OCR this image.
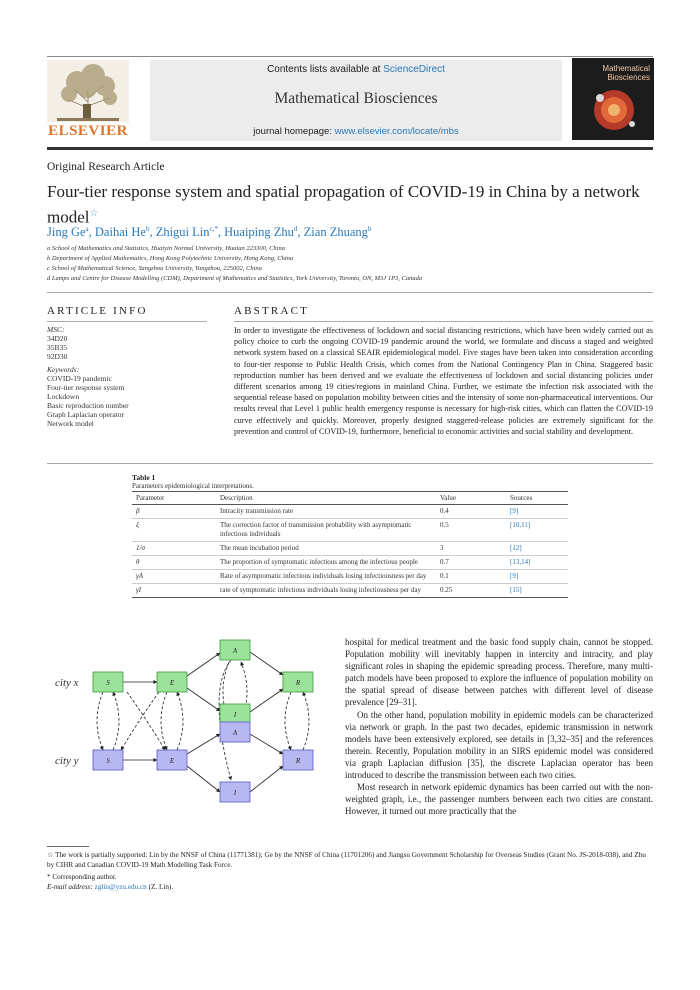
ELSEVIER
Contents lists available at ScienceDirect
Mathematical Biosciences
journal homepage: www.elsevier.com/locate/mbs
Mathematical Biosciences
Original Research Article
Four-tier response system and spatial propagation of COVID-19 in China by a network model☆
Jing Ge$^a$, Daihai He$^b$, Zhigui Lin$^{c,*}$, Huaiping Zhu$^d$, Zian Zhuang$^b$
a School of Mathematics and Statistics, Huaiyin Normal University, Huaian 223300, China
b Department of Applied Mathematics, Hong Kong Polytechnic University, Hong Kong, China
c School of Mathematical Science, Yangzhou University, Yangzhou, 225002, China
d Lamps and Centre for Disease Modelling (CDM), Department of Mathematics and Statistics, York University, Toronto, ON, M3J 1P3, Canada
ARTICLE INFO
MSC:
34D20
35B35
92D30
Keywords:
COVID-19 pandemic
Four-tier response system
Lockdown
Basic reproduction number
Graph Laplacian operator
Network model
ABSTRACT
In order to investigate the effectiveness of lockdown and social distancing restrictions, which have been widely carried out as policy choice to curb the ongoing COVID-19 pandemic around the world, we formulate and discuss a staged and weighted network system based on a classical SEAIR epidemiological model. Five stages have been taken into consideration according to four-tier response to Public Health Crisis, which comes from the National Contingency Plan in China. Staggered basic reproduction number has been derived and we evaluate the effectiveness of lockdown and social distancing policies under different scenarios among 19 cities/regions in mainland China. Further, we estimate the infection risk associated with the sequential release based on population mobility between cities and the intensity of some non-pharmaceutical interventions. Our results reveal that Level 1 public health emergency response is necessary for high-risk cities, which can flatten the COVID-19 curve effectively and quickly. Moreover, properly designed staggered-release policies are extremely significant for the prevention and control of COVID-19, furthermore, beneficial to economic activities and social stability and development.
Table 1
Parameters epidemiological interpretations.
Parameter	Description	Value	Sources
β	Intracity transmission rate	0.4	[9]
ξ	The correction factor of transmission probability with asymptomatic infectious individuals	0.5	[10,11]
1/σ	The mean incubation period	3	[12]
θ	The proportion of symptomatic infectious among the infectious people	0.7	[13,14]
γA	Rate of asymptomatic infectious individuals losing infectiousness per day	0.1	[9]
γI	rate of symptomatic infectious individuals losing infectiousness per day	0.25	[15]
city x
city y
S	E
A
I
R
S	E
A
I
R

hospital for medical treatment and the basic food supply chain, cannot be stopped. Population mobility will inevitably happen in intercity and intracity, and play significant roles in shaping the epidemic spreading process. Therefore, many multi-patch models have been proposed to explore the influence of population mobility on the spatial spread of disease between patches with different level of disease prevalence [29–31].

On the other hand, population mobility in epidemic models can be characterized via network or graph. In the past two decades, epidemic transmission in network models have been extensively explored, see details in [3,32–35] and the references therein. Recently, Population mobility in an SIRS epidemic model was considered via graph Laplacian diffusion [35], the discrete Laplacian operator has been introduced to describe the transmission between each two cities.

Most research in network epidemic dynamics has been carried out with the non-weighted graph, i.e., the passenger numbers between each two cities are constant. However, it turned out more practically that the

☆ The work is partially supported: Lin by the NNSF of China (11771381); Ge by the NNSF of China (11701206) and Jiangsu Government Scholarship for Overseas Studies (Grant No. JS-2018-038), and Zhu by CIHR and Canadian COVID-19 Math Modelling Task Force.
* Corresponding author.
E-mail address: zglin@yzu.edu.cn (Z. Lin).
